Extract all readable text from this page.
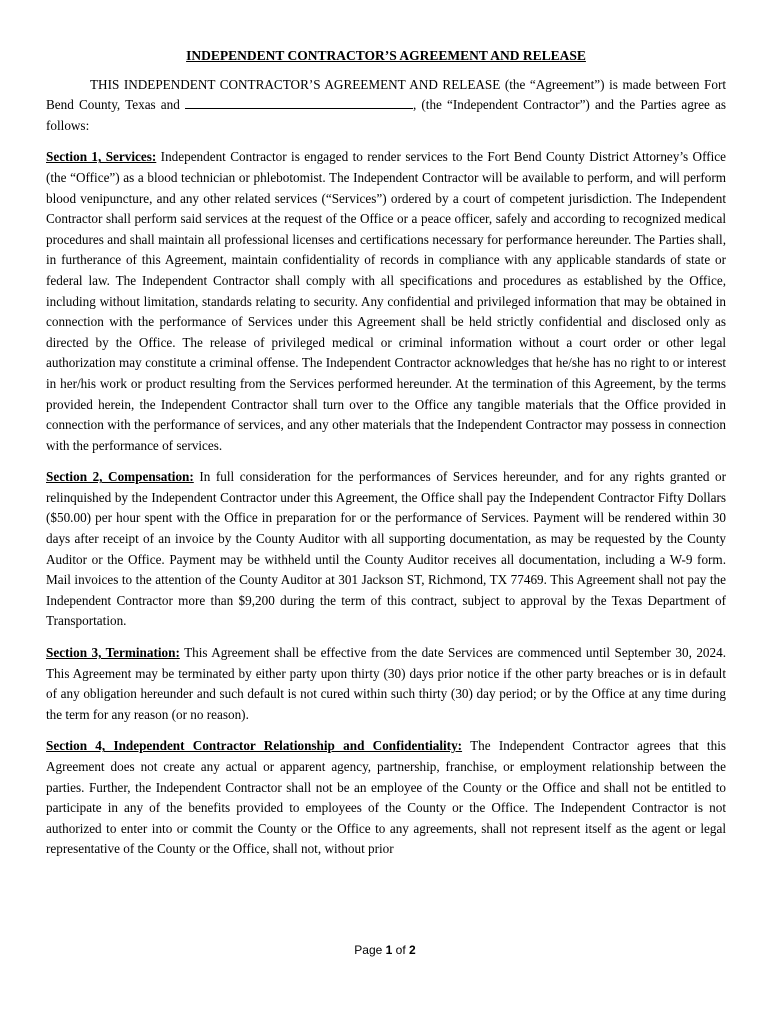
INDEPENDENT CONTRACTOR’S AGREEMENT AND RELEASE

THIS INDEPENDENT CONTRACTOR’S AGREEMENT AND RELEASE (the “Agreement”) is made between Fort Bend County, Texas and	, (the “Independent Contractor”) and the Parties agree as follows:

Section 1, Services: Independent Contractor is engaged to render services to the Fort Bend County District Attorney’s Office (the “Office”) as a blood technician or phlebotomist. The Independent Contractor will be available to perform, and will perform blood venipuncture, and any other related services (“Services”) ordered by a court of competent jurisdiction. The Independent Contractor shall perform said services at the request of the Office or a peace officer, safely and according to recognized medical procedures and shall maintain all professional licenses and certifications necessary for performance hereunder. The Parties shall, in furtherance of this Agreement, maintain confidentiality of records in compliance with any applicable standards of state or federal law. The Independent Contractor shall comply with all specifications and procedures as established by the Office, including without limitation, standards relating to security. Any confidential and privileged information that may be obtained in connection with the performance of Services under this Agreement shall be held strictly confidential and disclosed only as directed by the Office. The release of privileged medical or criminal information without a court order or other legal authorization may constitute a criminal offense. The Independent Contractor acknowledges that he/she has no right to or interest in her/his work or product resulting from the Services performed hereunder. At the termination of this Agreement, by the terms provided herein, the Independent Contractor shall turn over to the Office any tangible materials that the Office provided in connection with the performance of services, and any other materials that the Independent Contractor may possess in connection with the performance of services.

Section 2, Compensation: In full consideration for the performances of Services hereunder, and for any rights granted or relinquished by the Independent Contractor under this Agreement, the Office shall pay the Independent Contractor Fifty Dollars ($50.00) per hour spent with the Office in preparation for or the performance of Services. Payment will be rendered within 30 days after receipt of an invoice by the County Auditor with all supporting documentation, as may be requested by the County Auditor or the Office. Payment may be withheld until the County Auditor receives all documentation, including a W-9 form. Mail invoices to the attention of the County Auditor at 301 Jackson ST, Richmond, TX 77469. This Agreement shall not pay the Independent Contractor more than $9,200 during the term of this contract, subject to approval by the Texas Department of Transportation.

Section 3, Termination: This Agreement shall be effective from the date Services are commenced until September 30, 2024. This Agreement may be terminated by either party upon thirty (30) days prior notice if the other party breaches or is in default of any obligation hereunder and such default is not cured within such thirty (30) day period; or by the Office at any time during the term for any reason (or no reason).

Section 4, Independent Contractor Relationship and Confidentiality: The Independent Contractor agrees that this Agreement does not create any actual or apparent agency, partnership, franchise, or employment relationship between the parties. Further, the Independent Contractor shall not be an employee of the County or the Office and shall not be entitled to participate in any of the benefits provided to employees of the County or the Office. The Independent Contractor is not authorized to enter into or commit the County or the Office to any agreements, shall not represent itself as the agent or legal representative of the County or the Office, shall not, without prior

Page 1 of 2
